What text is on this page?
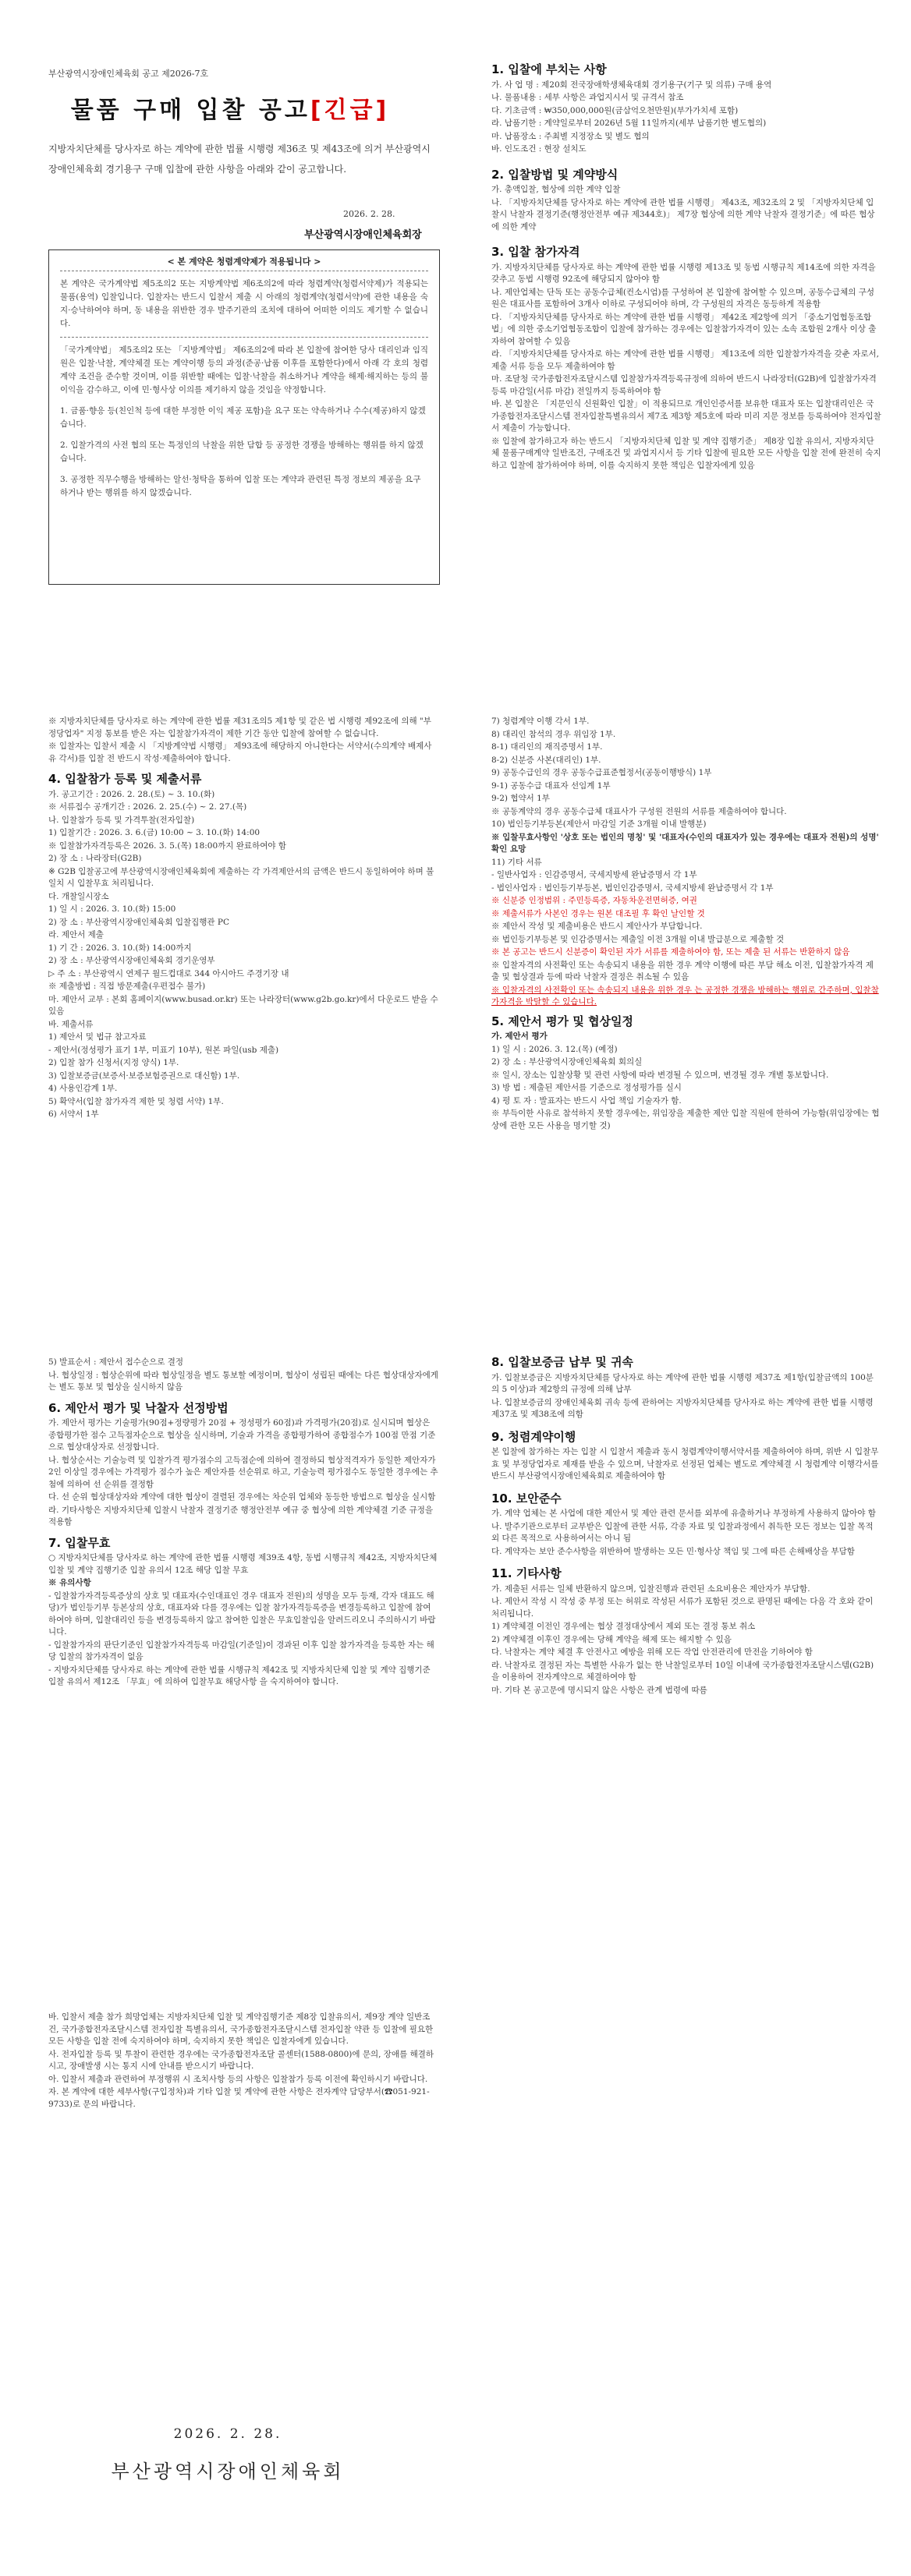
부산광역시장애인체육회 공고 제2026-7호
물품 구매 입찰 공고[긴급]
지방자치단체를 당사자로 하는 계약에 관한 법률 시행령 제36조 및 제43조에 의거 부산광역시장애인체육회 경기용구 구매 입찰에 관한 사항을 아래와 같이 공고합니다.
2026. 2. 28.
부산광역시장애인체육회장
< 본 계약은 청렴계약제가 적용됩니다 >
본 계약은 국가계약법 제5조의2 또는 지방계약법 제6조의2에 따라 청렴계약(청렴서약제)가 적용되는 물품(용역) 입찰입니다. 입찰자는 반드시 입찰서 제출 시 아래의 청렴계약(청렴서약)에 관한 내용을 숙지·승낙하여야 하며, 동 내용을 위반한 경우 발주기관의 조치에 대하여 어떠한 이의도 제기할 수 없습니다.
「국가계약법」 제5조의2 또는 「지방계약법」 제6조의2에 따라 본 입찰에 참여한 당사 대리인과 임직원은 입찰·낙찰, 계약체결 또는 계약이행 등의 과정(준공·납품 이후를 포함한다)에서 아래 각 호의 청렴계약 조건을 준수할 것이며, 이를 위반할 때에는 입찰·낙찰을 취소하거나 계약을 해제·해지하는 등의 불이익을 감수하고, 이에 민·형사상 이의를 제기하지 않을 것임을 약정합니다.
1. 금품·향응 등(친인척 등에 대한 부정한 이익 제공 포함)을 요구 또는 약속하거나 수수(제공)하지 않겠습니다.
2. 입찰가격의 사전 협의 또는 특정인의 낙찰을 위한 담합 등 공정한 경쟁을 방해하는 행위를 하지 않겠습니다.
3. 공정한 직무수행을 방해하는 알선·청탁을 통하여 입찰 또는 계약과 관련된 특정 정보의 제공을 요구하거나 받는 행위를 하지 않겠습니다.
1. 입찰에 부치는 사항

가. 사 업 명 : 제20회 전국장애학생체육대회 경기용구(기구 및 의류) 구매 용역

나. 물품내용 : 세부 사항은 과업지시서 및 규격서 참조

다. 기초금액 : ₩350,000,000원(금삼억오천만원)(부가가치세 포함)

라. 납품기한 : 계약일로부터 2026년 5월 11일까지(세부 납품기한 별도협의)

마. 납품장소 : 주최별 지정장소 및 별도 협의

바. 인도조건 : 현장 설치도

2. 입찰방법 및 계약방식

가. 총액입찰, 협상에 의한 계약 입찰

나. 「지방자치단체를 당사자로 하는 계약에 관한 법률 시행령」 제43조, 제32조의 2 및 「지방자치단체 입찰시 낙찰자 결정기준(행정안전부 예규 제344호)」 제7장 협상에 의한 계약 낙찰자 결정기준」에 따른 협상에 의한 계약

3. 입찰 참가자격

가. 지방자치단체를 당사자로 하는 계약에 관한 법률 시행령 제13조 및 동법 시행규칙 제14조에 의한 자격을 갖추고 동법 시행령 92조에 해당되지 않아야 함

나. 제안업체는 단독 또는 공동수급체(컨소시엄)를 구성하여 본 입찰에 참여할 수 있으며, 공동수급체의 구성원은 대표사를 포함하여 3개사 이하로 구성되어야 하며, 각 구성원의 자격은 동등하게 적용함

다. 「지방자치단체를 당사자로 하는 계약에 관한 법률 시행령」 제42조 제2항에 의거 「중소기업협동조합법」에 의한 중소기업협동조합이 입찰에 참가하는 경우에는 입찰참가자격이 있는 소속 조합원 2개사 이상 출자하여 참여할 수 있음

라. 「지방자치단체를 당사자로 하는 계약에 관한 법률 시행령」 제13조에 의한 입찰참가자격을 갖춘 자로서, 제출 서류 등을 모두 제출하여야 함

마. 조달청 국가종합전자조달시스템 입찰참가자격등록규정에 의하여 반드시 나라장터(G2B)에 입찰참가자격등록 마감일(서류 마감) 전일까지 등록하여야 함

바. 본 입찰은 「지문인식 신원확인 입찰」이 적용되므로 개인인증서를 보유한 대표자 또는 입찰대리인은 국가종합전자조달시스템 전자입찰특별유의서 제7조 제3항 제5호에 따라 미리 지문 정보를 등록하여야 전자입찰서 제출이 가능합니다.

※ 입찰에 참가하고자 하는 반드시 「지방자치단체 입찰 및 계약 집행기준」 제8장 입찰 유의서, 지방자치단체 물품구매계약 일반조건, 구매조건 및 과업지시서 등 기타 입찰에 필요한 모든 사항을 입찰 전에 완전히 숙지하고 입찰에 참가하여야 하며, 이를 숙지하지 못한 책임은 입찰자에게 있음

※ 지방자치단체를 당사자로 하는 계약에 관한 법률 제31조의5 제1항 및 같은 법 시행령 제92조에 의해 "부정당업자" 지정 통보를 받은 자는 입찰참가자격이 제한 기간 동안 입찰에 참여할 수 없습니다.

※ 입찰자는 입찰서 제출 시 「지방계약법 시행령」 제93조에 해당하지 아니한다는 서약서(수의계약 배제사유 각서)를 입찰 전 반드시 작성·제출하여야 합니다.

4. 입찰참가 등록 및 제출서류

가. 공고기간 : 2026. 2. 28.(토) ~ 3. 10.(화)

※ 서류접수 공개기간 : 2026. 2. 25.(수) ~ 2. 27.(목)

나. 입찰참가 등록 및 가격투찰(전자입찰)

1) 입찰기간 : 2026. 3. 6.(금) 10:00 ~ 3. 10.(화) 14:00

※ 입찰참가자격등록은 2026. 3. 5.(목) 18:00까지 완료하여야 함

2) 장 소 : 나라장터(G2B)

※ G2B 입찰공고에 부산광역시장애인체육회에 제출하는 각 가격제안서의 금액은 반드시 동일하여야 하며 불일치 시 입찰무효 처리됩니다.

다. 개찰일시장소

1) 일 시 : 2026. 3. 10.(화) 15:00

2) 장 소 : 부산광역시장애인체육회 입찰집행관 PC

라. 제안서 제출

1) 기 간 : 2026. 3. 10.(화) 14:00까지

2) 장 소 : 부산광역시장애인체육회 경기운영부

▷ 주 소 : 부산광역시 연제구 월드컵대로 344 아시아드 주경기장 내

※ 제출방법 : 직접 방문제출(우편접수 불가)

마. 제안서 교부 : 본회 홈페이지(www.busad.or.kr) 또는 나라장터(www.g2b.go.kr)에서 다운로드 받을 수 있음

바. 제출서류

1) 제안서 및 법규 참고자료

- 제안서(정성평가 표기 1부, 미표기 10부), 원본 파일(usb 제출)

2) 입찰 참가 신청서(지정 양식) 1부.

3) 입찰보증금(보증서·보증보험증권으로 대신함) 1부.

4) 사용인감계 1부.

5) 확약서(입찰 참가자격 제한 및 청렴 서약) 1부.

6) 서약서 1부

7) 청렴계약 이행 각서 1부.

8) 대리인 참석의 경우 위임장 1부.

8-1) 대리인의 재직증명서 1부.

8-2) 신분증 사본(대리인) 1부.

9) 공동수급인의 경우 공동수급표준협정서(공동이행방식) 1부

9-1) 공동수급 대표자 선임계 1부

9-2) 협약서 1부

※ 공동계약의 경우 공동수급체 대표사가 구성원 전원의 서류를 제출하여야 합니다.

10) 법인등기부등본(제안서 마감일 기준 3개월 이내 발행분)

※ 입찰무효사항인 '상호 또는 법인의 명칭' 및 '대표자(수인의 대표자가 있는 경우에는 대표자 전원)의 성명' 확인 요망

11) 기타 서류

- 일반사업자 : 인감증명서, 국세지방세 완납증명서 각 1부

- 법인사업자 : 법인등기부등본, 법인인감증명서, 국세지방세 완납증명서 각 1부

※ 신분증 인정범위 : 주민등록증, 자동차운전면허증, 여권

※ 제출서류가 사본인 경우는 원본 대조필 후 확인 날인할 것

※ 제안서 작성 및 제출비용은 반드시 제안사가 부담합니다.

※ 법인등기부등본 및 인감증명서는 제출일 이전 3개월 이내 발급분으로 제출할 것

※ 본 공고는 반드시 신분증이 확인된 자가 서류를 제출하여야 함, 또는 제출 된 서류는 반환하지 않음

※ 입찰자격의 사전확인 또는 속송되지 내용을 위한 경우 계약 이행에 따른 부담 해소 이전, 입찰참가자격 제출 및 협상결과 등에 따라 낙찰자 결정은 취소될 수 있음

※ 입찰자격의 사전확인 또는 속송되지 내용을 위한 경우 는 공정한 경쟁을 방해하는 행위로 간주하며, 입찰참가자격을 박탈할 수 있습니다.

5. 제안서 평가 및 협상일정

가. 제안서 평가

1) 일 시 : 2026. 3. 12.(목) (예정)

2) 장 소 : 부산광역시장애인체육회 회의실

※ 일시, 장소는 입찰상황 및 관련 사항에 따라 변경될 수 있으며, 변경될 경우 개별 통보합니다.

3) 방 법 : 제출된 제안서를 기준으로 정성평가를 실시

4) 평 토 자 : 발표자는 반드시 사업 책임 기술자가 함.

※ 부득이한 사유로 참석하지 못할 경우에는, 위임장을 제출한 제안 입찰 직원에 한하여 가능함(위임장에는 협상에 관한 모든 사용을 명기할 것)

5) 발표순서 : 제안서 접수순으로 결정

나. 협상일정 : 협상순위에 따라 협상일정을 별도 통보할 예정이며, 협상이 성립된 때에는 다른 협상대상자에게는 별도 통보 및 협상을 실시하지 않음

6. 제안서 평가 및 낙찰자 선정방법

가. 제안서 평가는 기술평가(90점+정량평가 20점 + 정성평가 60점)과 가격평가(20점)로 실시되며 협상은 종합평가한 점수 고득점자순으로 협상을 실시하며, 기술과 가격을 종합평가하여 종합점수가 100점 만점 기준으로 협상대상자로 선정합니다.

나. 협상순서는 기술능력 및 입찰가격 평가점수의 고득점순에 의하여 결정하되 협상적격자가 동일한 제안자가 2인 이상일 경우에는 가격평가 점수가 높은 제안자를 선순위로 하고, 기술능력 평가점수도 동일한 경우에는 추첨에 의하여 선 순위를 결정함

다. 선 순위 협상대상자와 계약에 대한 협상이 결렬된 경우에는 차순위 업체와 동등한 방법으로 협상을 실시함

라. 기타사항은 지방자치단체 입찰시 낙찰자 결정기준 행정안전부 예규 중 협상에 의한 계약체결 기준 규정을 적용함

7. 입찰무효

○ 지방자치단체를 당사자로 하는 계약에 관한 법률 시행령 제39조 4항, 동법 시행규칙 제42조, 지방자치단체 입찰 및 계약 집행기준 입찰 유의서 12조 해당 입찰 무효

※ 유의사항

- 입찰참가자격등록증상의 상호 및 대표자(수인대표인 경우 대표자 전원)의 성명을 모두 등재, 각자 대표도 해당)가 법인등기부 등본상의 상호, 대표자와 다를 경우에는 입찰 참가자격등록증을 변경등록하고 입찰에 참여하여야 하며, 입찰대리인 등을 변경등록하지 않고 참여한 입찰은 무효입찰임을 알려드리오니 주의하시기 바랍니다.

- 입찰참가자의 판단기준인 입찰참가자격등록 마감일(기준일)이 경과된 이후 입찰 참가자격을 등록한 자는 해당 입찰의 참가자격이 없음

- 지방자치단체를 당사자로 하는 계약에 관한 법률 시행규칙 제42조 및 지방자치단체 입찰 및 계약 집행기준 입찰 유의서 제12조 「무효」에 의하여 입찰무효 해당사항 을 숙지하여야 합니다.

8. 입찰보증금 납부 및 귀속

가. 입찰보증금은 지방자치단체를 당사자로 하는 계약에 관한 법률 시행령 제37조 제1항(입찰금액의 100분의 5 이상)과 제2항의 규정에 의해 납부

나. 입찰보증금의 장애인체육회 귀속 등에 관하여는 지방자치단체를 당사자로 하는 계약에 관한 법률 시행령 제37조 및 제38조에 의함

9. 청렴계약이행

본 입찰에 참가하는 자는 입찰 시 입찰서 제출과 동시 청렴계약이행서약서를 제출하여야 하며, 위반 시 입찰무효 및 부정당업자로 제재를 받을 수 있으며, 낙찰자로 선정된 업체는 별도로 계약체결 시 청렴계약 이행각서를 반드시 부산광역시장애인체육회로 제출하여야 함

10. 보안준수

가. 계약 업체는 본 사업에 대한 제안서 및 제안 관련 문서를 외부에 유출하거나 부정하게 사용하지 않아야 함

나. 발주기관으로부터 교부받은 입찰에 관한 서류, 각종 자료 및 입찰과정에서 취득한 모든 정보는 입찰 목적 외 다른 목적으로 사용하여서는 아니 됨

다. 계약자는 보안 준수사항을 위반하여 발생하는 모든 민·형사상 책임 및 그에 따른 손해배상을 부담함

11. 기타사항

가. 제출된 서류는 일체 반환하지 않으며, 입찰진행과 관련된 소요비용은 제안자가 부담함.

나. 제안서 작성 시 작성 중 부정 또는 허위로 작성된 서류가 포함된 것으로 판명된 때에는 다음 각 호와 같이 처리됩니다.

1) 계약체결 이전인 경우에는 협상 결정대상에서 제외 또는 결정 통보 취소

2) 계약체결 이후인 경우에는 당해 계약을 해제 또는 해지할 수 있음

다. 낙찰자는 계약 체결 후 안전사고 예방을 위해 모든 작업 안전관리에 만전을 기하여야 함

라. 낙찰자로 결정된 자는 특별한 사유가 없는 한 낙찰일로부터 10일 이내에 국가종합전자조달시스템(G2B)을 이용하여 전자계약으로 체결하여야 함

마. 기타 본 공고문에 명시되지 않은 사항은 관계 법령에 따름

바. 입찰서 제출 참가 희망업체는 지방자치단체 입찰 및 계약집행기준 제8장 입찰유의서, 제9장 계약 일반조건, 국가종합전자조달시스템 전자입찰 특별유의서, 국가종합전자조달시스템 전자입찰 약관 등 입찰에 필요한 모든 사항을 입찰 전에 숙지하여야 하며, 숙지하지 못한 책임은 입찰자에게 있습니다.

사. 전자입찰 등록 및 투찰이 관련한 경우에는 국가종합전자조달 콜센터(1588-0800)에 문의, 장애를 해결하시고, 장애발생 시는 통지 시에 안내를 받으시기 바랍니다.

아. 입찰서 제출과 관련하여 부정행위 시 조치사항 등의 사항은 입찰참가 등록 이전에 확인하시기 바랍니다.

자. 본 계약에 대한 세부사항(구입정차)과 기타 입찰 및 계약에 관한 사항은 전자계약 담당부서(☎051-921-9733)로 문의 바랍니다.

2026. 2. 28.
부산광역시장애인체육회
